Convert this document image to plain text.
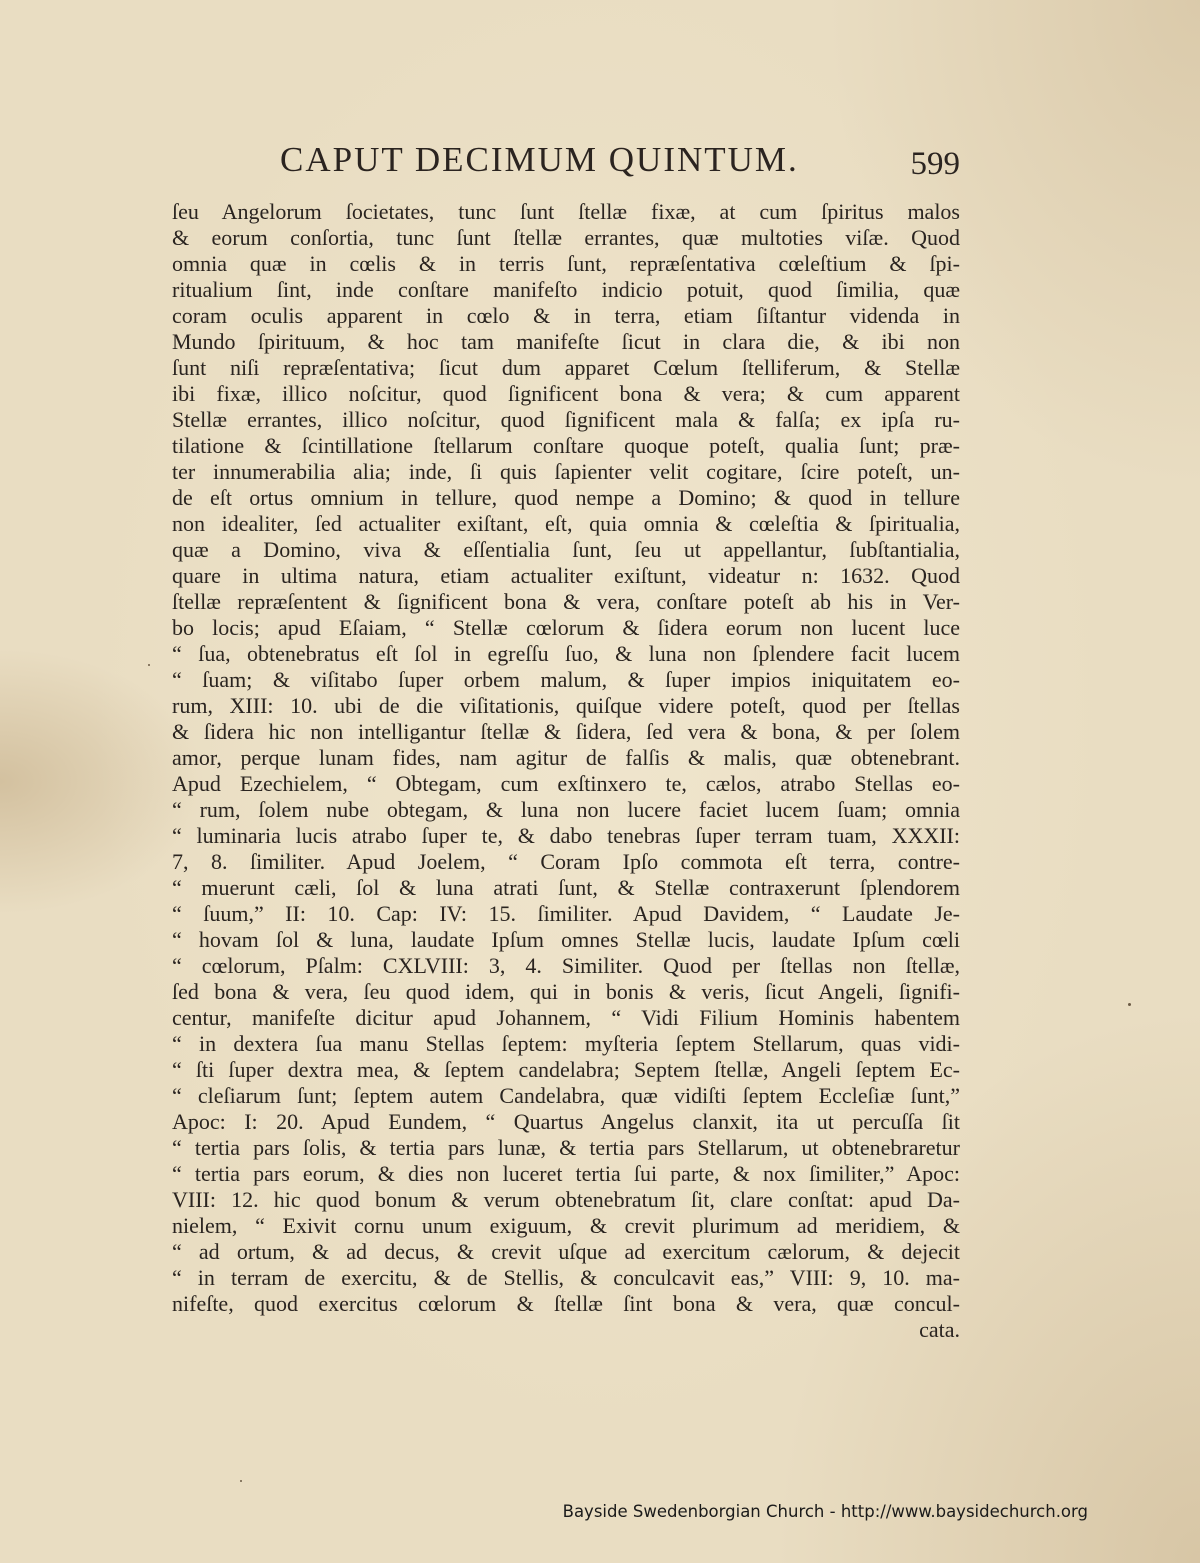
CAPUT DECIMUM QUINTUM.	599
ſeu Angelorum ſocietates, tunc ſunt ſtellæ fixæ, at cum ſpiritus malos
& eorum conſortia, tunc ſunt ſtellæ errantes, quæ multoties viſæ. Quod
omnia quæ in cœlis & in terris ſunt, repræſentativa cœleſtium & ſpi-
ritualium ſint, inde conſtare manifeſto indicio potuit, quod ſimilia, quæ
coram oculis apparent in cœlo & in terra, etiam ſiſtantur videnda in
Mundo ſpirituum, & hoc tam manifeſte ſicut in clara die, & ibi non
ſunt niſi repræſentativa; ſicut dum apparet Cœlum ſtelliferum, & Stellæ
ibi fixæ, illico noſcitur, quod ſignificent bona & vera; & cum apparent
Stellæ errantes, illico noſcitur, quod ſignificent mala & falſa; ex ipſa ru-
tilatione & ſcintillatione ſtellarum conſtare quoque poteſt, qualia ſunt; præ-
ter innumerabilia alia; inde, ſi quis ſapienter velit cogitare, ſcire poteſt, un-
de eſt ortus omnium in tellure, quod nempe a Domino; & quod in tellure
non idealiter, ſed actualiter exiſtant, eſt, quia omnia & cœleſtia & ſpiritualia,
quæ a Domino, viva & eſſentialia ſunt, ſeu ut appellantur, ſubſtantialia,
quare in ultima natura, etiam actualiter exiſtunt, videatur n: 1632. Quod
ſtellæ repræſentent & ſignificent bona & vera, conſtare poteſt ab his in Ver-
bo locis; apud Eſaiam, “ Stellæ cœlorum & ſidera eorum non lucent luce
“ ſua, obtenebratus eſt ſol in egreſſu ſuo, & luna non ſplendere facit lucem
“ ſuam; & viſitabo ſuper orbem malum, & ſuper impios iniquitatem eo-
rum, XIII: 10. ubi de die viſitationis, quiſque videre poteſt, quod per ſtellas
& ſidera hic non intelligantur ſtellæ & ſidera, ſed vera & bona, & per ſolem
amor, perque lunam fides, nam agitur de falſis & malis, quæ obtenebrant.
Apud Ezechielem, “ Obtegam, cum exſtinxero te, cælos, atrabo Stellas eo-
“ rum, ſolem nube obtegam, & luna non lucere faciet lucem ſuam; omnia
“ luminaria lucis atrabo ſuper te, & dabo tenebras ſuper terram tuam, XXXII:
7, 8. ſimiliter. Apud Joelem, “ Coram Ipſo commota eſt terra, contre-
“ muerunt cæli, ſol & luna atrati ſunt, & Stellæ contraxerunt ſplendorem
“ ſuum,” II: 10. Cap: IV: 15. ſimiliter. Apud Davidem, “ Laudate Je-
“ hovam ſol & luna, laudate Ipſum omnes Stellæ lucis, laudate Ipſum cœli
“ cœlorum, Pſalm: CXLVIII: 3, 4. Similiter. Quod per ſtellas non ſtellæ,
ſed bona & vera, ſeu quod idem, qui in bonis & veris, ſicut Angeli, ſignifi-
centur, manifeſte dicitur apud Johannem, “ Vidi Filium Hominis habentem
“ in dextera ſua manu Stellas ſeptem: myſteria ſeptem Stellarum, quas vidi-
“ ſti ſuper dextra mea, & ſeptem candelabra; Septem ſtellæ, Angeli ſeptem Ec-
“ cleſiarum ſunt; ſeptem autem Candelabra, quæ vidiſti ſeptem Eccleſiæ ſunt,”
Apoc: I: 20. Apud Eundem, “ Quartus Angelus clanxit, ita ut percuſſa ſit
“ tertia pars ſolis, & tertia pars lunæ, & tertia pars Stellarum, ut obtenebraretur
“ tertia pars eorum, & dies non luceret tertia ſui parte, & nox ſimiliter,” Apoc:
VIII: 12. hic quod bonum & verum obtenebratum ſit, clare conſtat: apud Da-
nielem, “ Exivit cornu unum exiguum, & crevit plurimum ad meridiem, &
“ ad ortum, & ad decus, & crevit uſque ad exercitum cælorum, & dejecit
“ in terram de exercitu, & de Stellis, & conculcavit eas,” VIII: 9, 10. ma-
nifeſte, quod exercitus cœlorum & ſtellæ ſint bona & vera, quæ concul-
cata.
Bayside Swedenborgian Church - http://www.baysidechurch.org
